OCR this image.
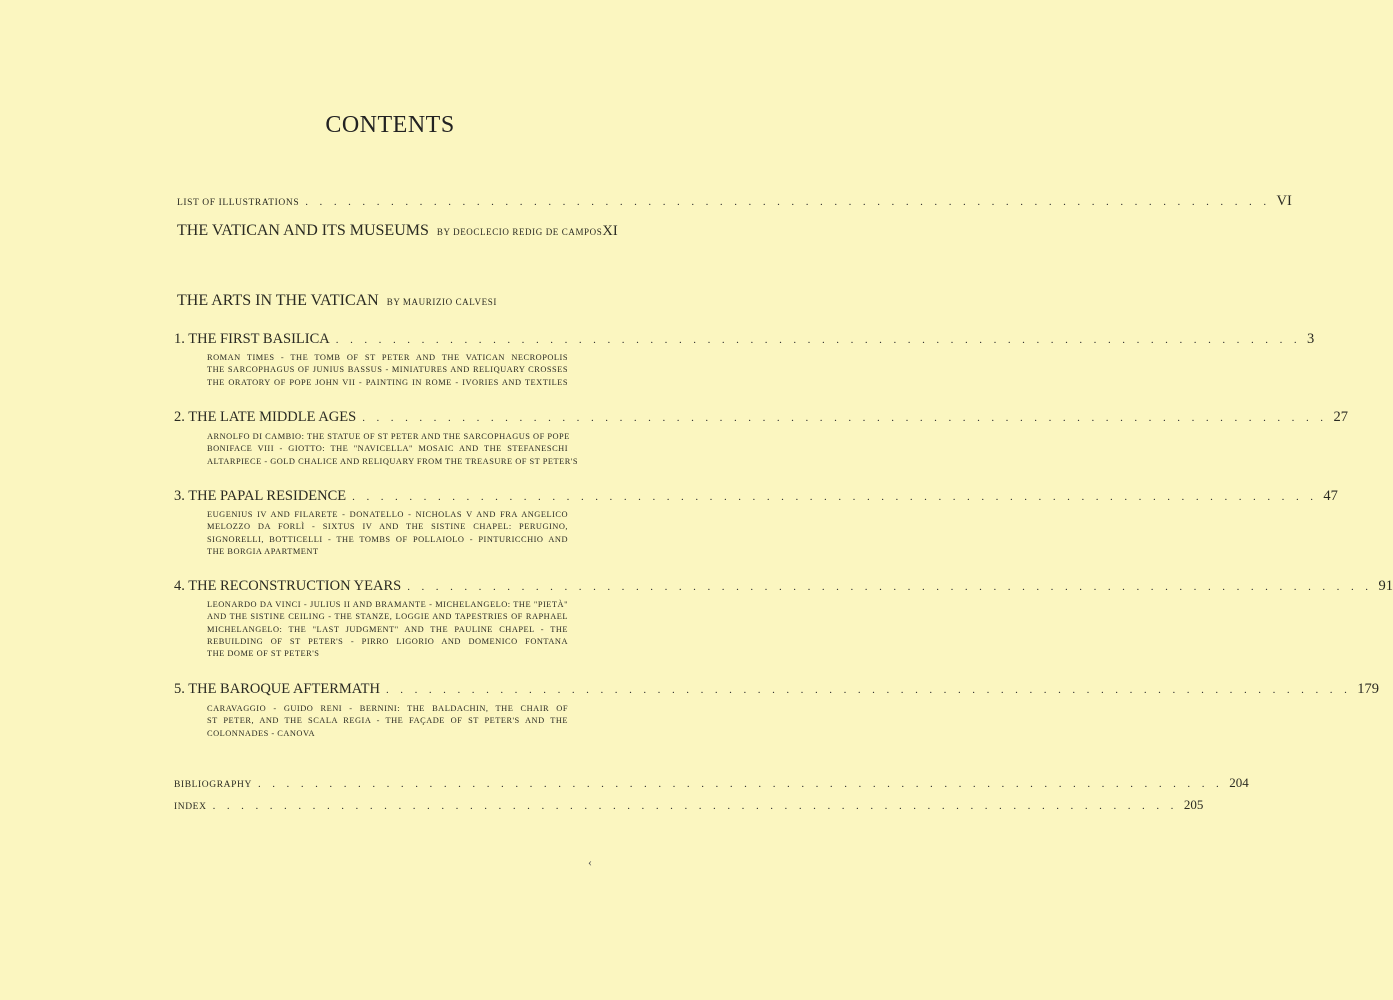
CONTENTS
LIST OF ILLUSTRATIONS . . . . . . . . . . . . . . . . . . . . . . . . . . . . . . . . . . . . . . . . . . . . . . . . . . . . . . . . . . . . . . . . . . . . VI
THE VATICAN AND ITS MUSEUMS BY DEOCLECIO REDIG DE CAMPOS XI
THE ARTS IN THE VATICAN BY MAURIZIO CALVESI
1. THE FIRST BASILICA . . . . . . . . . . . . . . . . . . . . . . . . . . . . . . . . . . . . . . . . . . . . . . . . . . . . . . . . . . . . . . . . . . . . 3
ROMAN TIMES - THE TOMB OF ST PETER AND THE VATICAN NECROPOLIS
THE SARCOPHAGUS OF JUNIUS BASSUS - MINIATURES AND RELIQUARY CROSSES
THE ORATORY OF POPE JOHN VII - PAINTING IN ROME - IVORIES AND TEXTILES
2. THE LATE MIDDLE AGES . . . . . . . . . . . . . . . . . . . . . . . . . . . . . . . . . . . . . . . . . . . . . . . . . . . . . . . . . . . . . . . . . . . . 27
ARNOLFO DI CAMBIO: THE STATUE OF ST PETER AND THE SARCOPHAGUS OF POPE
BONIFACE VIII - GIOTTO: THE "NAVICELLA" MOSAIC AND THE STEFANESCHI
ALTARPIECE - GOLD CHALICE AND RELIQUARY FROM THE TREASURE OF ST PETER'S
3. THE PAPAL RESIDENCE . . . . . . . . . . . . . . . . . . . . . . . . . . . . . . . . . . . . . . . . . . . . . . . . . . . . . . . . . . . . . . . . . . . . 47
EUGENIUS IV AND FILARETE - DONATELLO - NICHOLAS V AND FRA ANGELICO
MELOZZO DA FORLÌ - SIXTUS IV AND THE SISTINE CHAPEL: PERUGINO,
SIGNORELLI, BOTTICELLI - THE TOMBS OF POLLAIOLO - PINTURICCHIO AND
THE BORGIA APARTMENT
4. THE RECONSTRUCTION YEARS . . . . . . . . . . . . . . . . . . . . . . . . . . . . . . . . . . . . . . . . . . . . . . . . . . . . . . . . . . . . . . . . . . . . 91
LEONARDO DA VINCI - JULIUS II AND BRAMANTE - MICHELANGELO: THE "PIETÀ"
AND THE SISTINE CEILING - THE STANZE, LOGGIE AND TAPESTRIES OF RAPHAEL
MICHELANGELO: THE "LAST JUDGMENT" AND THE PAULINE CHAPEL - THE
REBUILDING OF ST PETER'S - PIRRO LIGORIO AND DOMENICO FONTANA
THE DOME OF ST PETER'S
5. THE BAROQUE AFTERMATH . . . . . . . . . . . . . . . . . . . . . . . . . . . . . . . . . . . . . . . . . . . . . . . . . . . . . . . . . . . . . . . . . . . . 179
CARAVAGGIO - GUIDO RENI - BERNINI: THE BALDACHIN, THE CHAIR OF
ST PETER, AND THE SCALA REGIA - THE FAÇADE OF ST PETER'S AND THE
COLONNADES - CANOVA
BIBLIOGRAPHY . . . . . . . . . . . . . . . . . . . . . . . . . . . . . . . . . . . . . . . . . . . . . . . . . . . . . . . . . . . . . . . . . . . . 204
INDEX . . . . . . . . . . . . . . . . . . . . . . . . . . . . . . . . . . . . . . . . . . . . . . . . . . . . . . . . . . . . . . . . . . . . 205
‹
